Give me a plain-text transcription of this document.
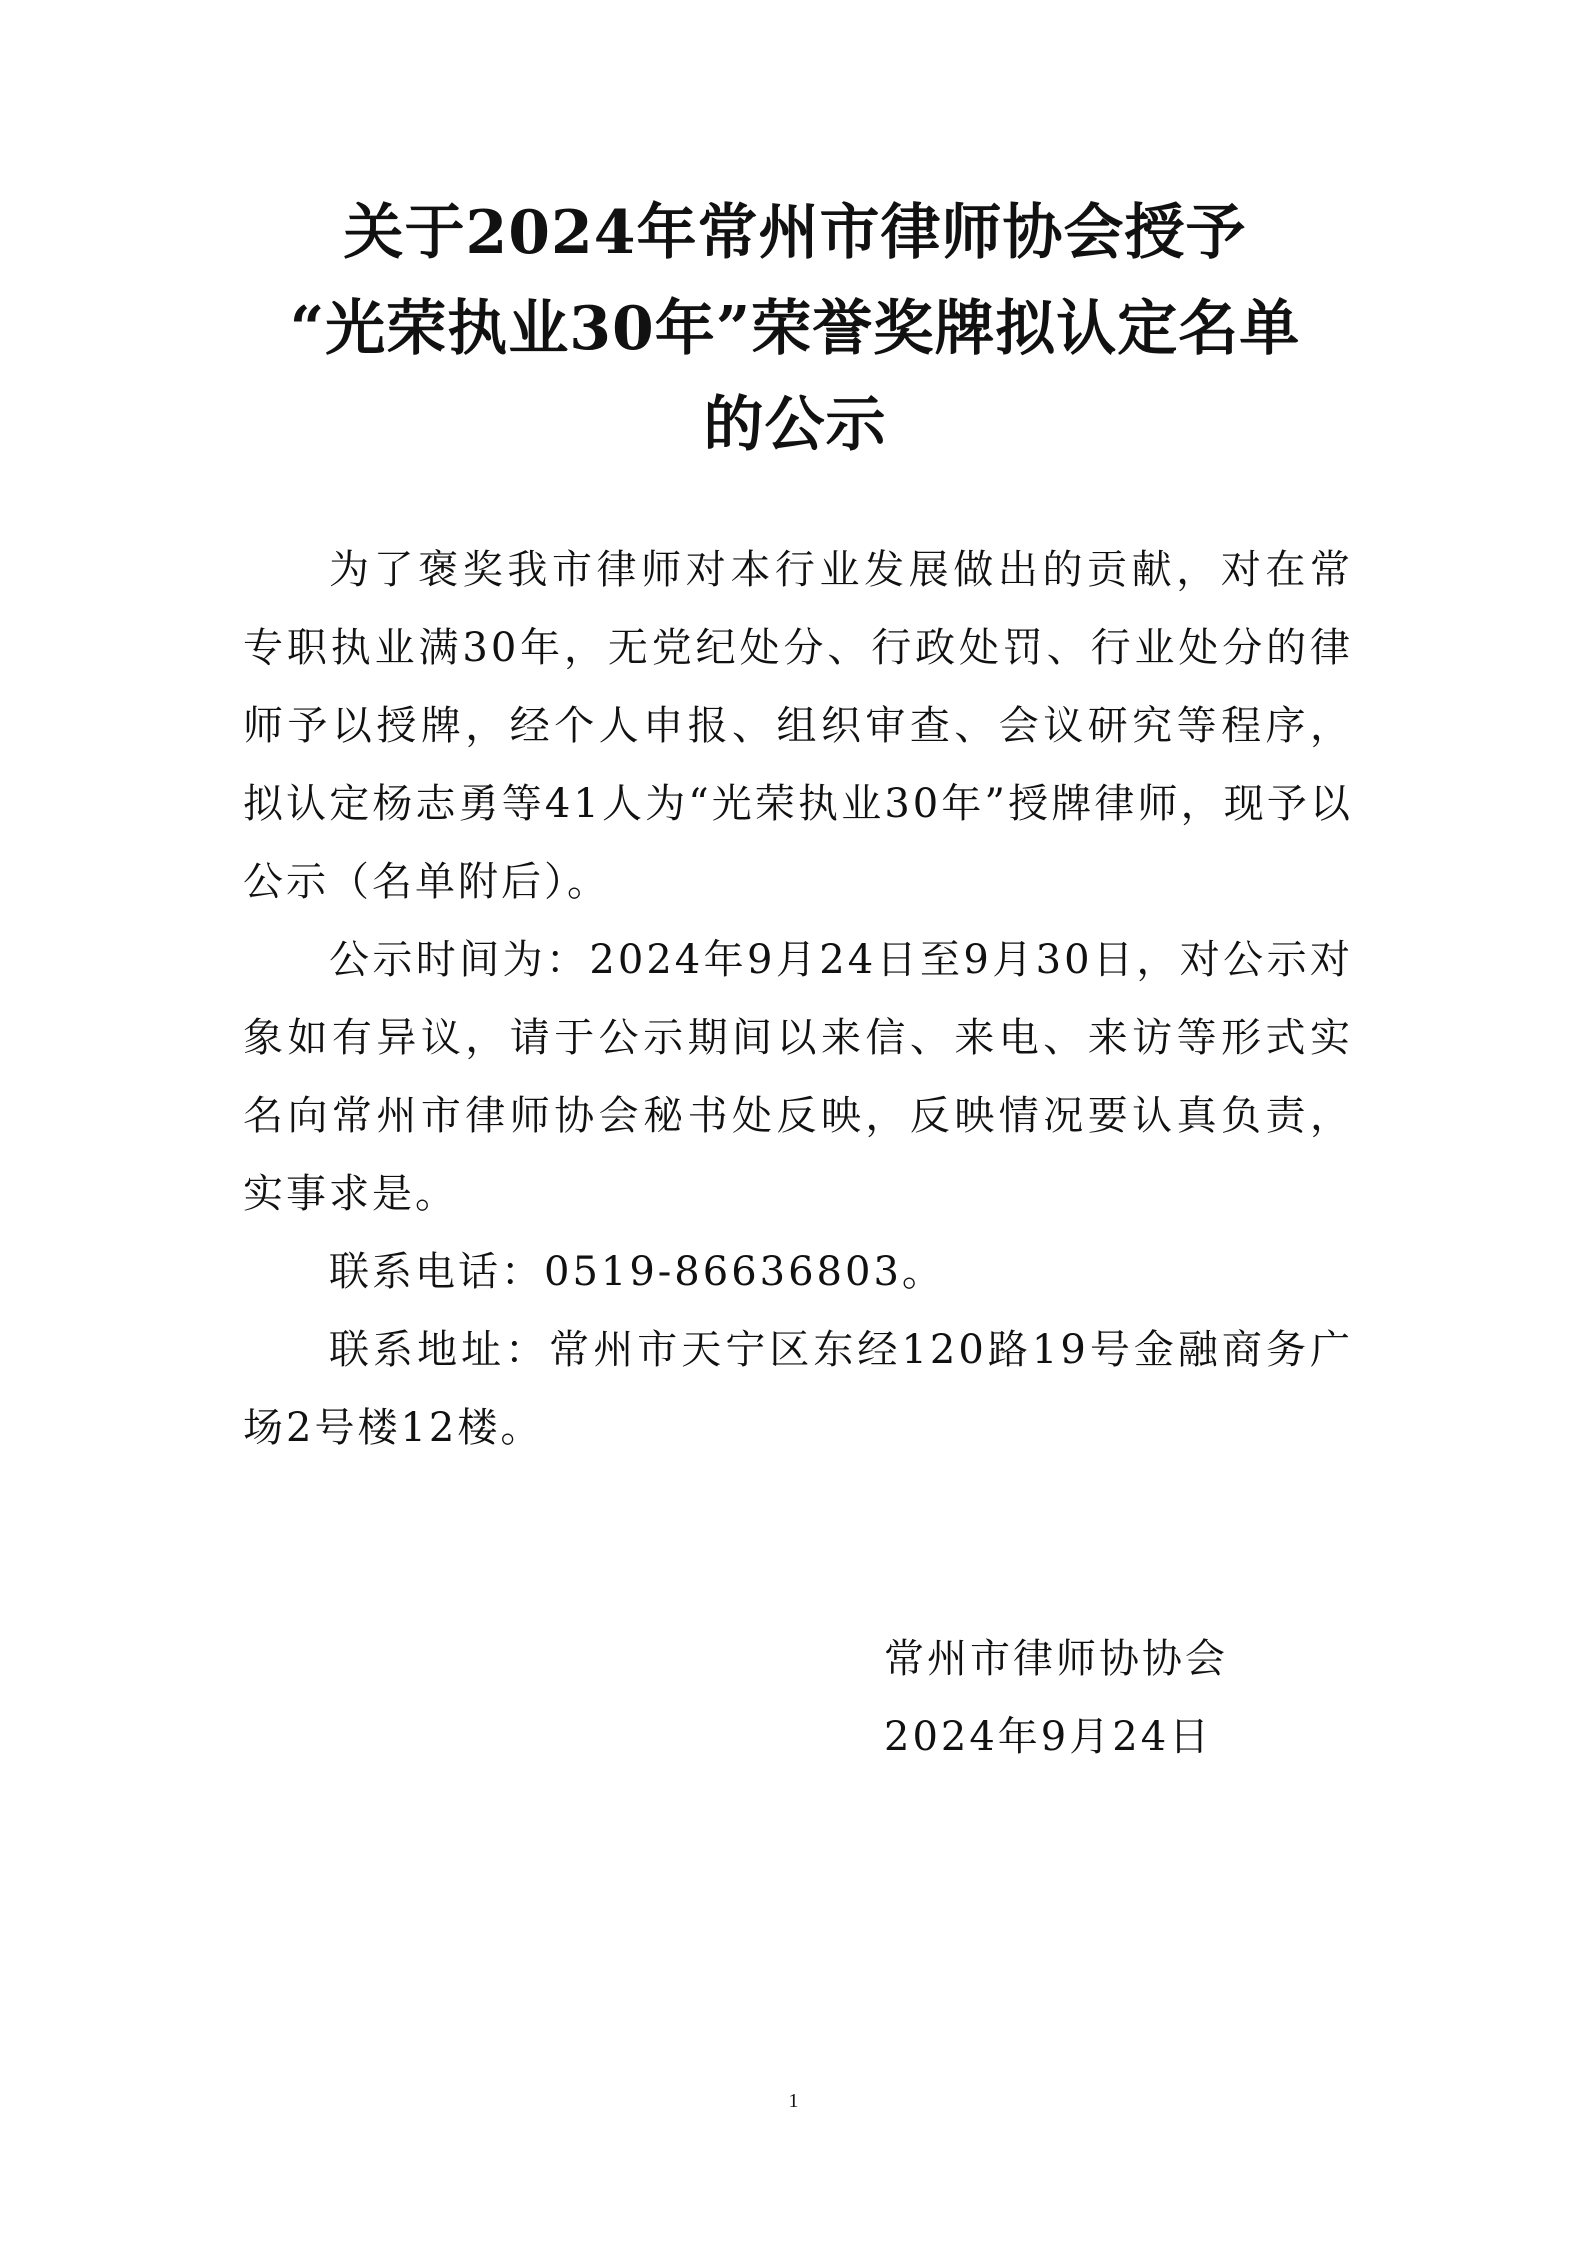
关于2024年常州市律师协会授予
“光荣执业30年”荣誉奖牌拟认定名单
的公示

为了褒奖我市律师对本行业发展做出的贡献，对在常专职执业满30年，无党纪处分、行政处罚、行业处分的律师予以授牌，经个人申报、组织审查、会议研究等程序，拟认定杨志勇等41人为“光荣执业30年”授牌律师，现予以公示（名单附后）。

公示时间为：2024年9月24日至9月30日，对公示对象如有异议，请于公示期间以来信、来电、来访等形式实名向常州市律师协会秘书处反映，反映情况要认真负责，实事求是。

联系电话：0519-86636803。

联系地址：常州市天宁区东经120路19号金融商务广场2号楼12楼。

常州市律师协协会
2024年9月24日
1
